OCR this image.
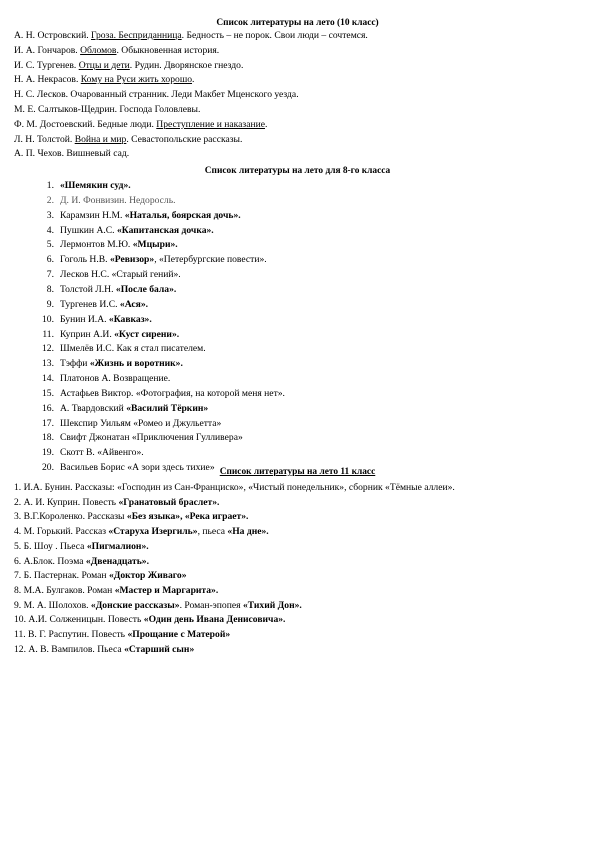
Список литературы на лето (10 класс)
А. Н. Островский. Гроза. Бесприданница. Бедность – не порок. Свои люди – сочтемся.
И. А. Гончаров. Обломов. Обыкновенная история.
И. С. Тургенев. Отцы и дети. Рудин. Дворянское гнездо.
Н. А. Некрасов. Кому на Руси жить хорошо.
Н. С. Лесков. Очарованный странник. Леди Макбет Мценского уезда.
М. Е. Салтыков-Щедрин. Господа Головлевы.
Ф. М. Достоевский. Бедные люди. Преступление и наказание.
Л. Н. Толстой. Война и мир. Севастопольские рассказы.
А. П. Чехов. Вишневый сад.
Список литературы на лето для 8-го класса
1. «Шемякин суд».
2. Д. И. Фонвизин. Недоросль.
3. Карамзин Н.М. «Наталья, боярская дочь».
4. Пушкин А.С. «Капитанская дочка».
5. Лермонтов М.Ю. «Мцыри».
6. Гоголь Н.В. «Ревизор», «Петербургские повести».
7. Лесков Н.С. «Старый гений».
8. Толстой Л.Н. «После бала».
9. Тургенев И.С. «Ася».
10. Бунин И.А. «Кавказ».
11. Куприн А.И. «Куст сирени».
12. Шмелёв И.С. Как я стал писателем.
13. Тэффи «Жизнь и воротник».
14. Платонов А. Возвращение.
15. Астафьев Виктор. «Фотография, на которой меня нет».
16. А. Твардовский «Василий Тёркин»
17. Шекспир Уильям «Ромео и Джульетта»
18. Свифт Джонатан «Приключения Гулливера»
19. Скотт В. «Айвенго».
20. Васильев Борис «А зори здесь тихие» Список литературы на лето 11 класс
1. И.А. Бунин. Рассказы: «Господин из Сан-Франциско», «Чистый понедельник», сборник «Тёмные аллеи».
2. А. И. Куприн. Повесть «Гранатовый браслет».
3. В.Г.Короленко. Рассказы «Без языка», «Река играет».
4. М. Горький. Рассказ «Старуха Изергиль», пьеса «На дне».
5. Б. Шоу . Пьеса «Пигмалион».
6. А.Блок. Поэма «Двенадцать».
7. Б. Пастернак. Роман «Доктор Живаго»
8. М.А. Булгаков. Роман «Мастер и Маргарита».
9. М. А. Шолохов. «Донские рассказы». Роман-эпопея «Тихий Дон».
10. А.И. Солженицын. Повесть «Один день Ивана Денисовича».
11. В. Г. Распутин. Повесть «Прощание с Матерой»
12. А. В. Вампилов. Пьеса «Старший сын»
